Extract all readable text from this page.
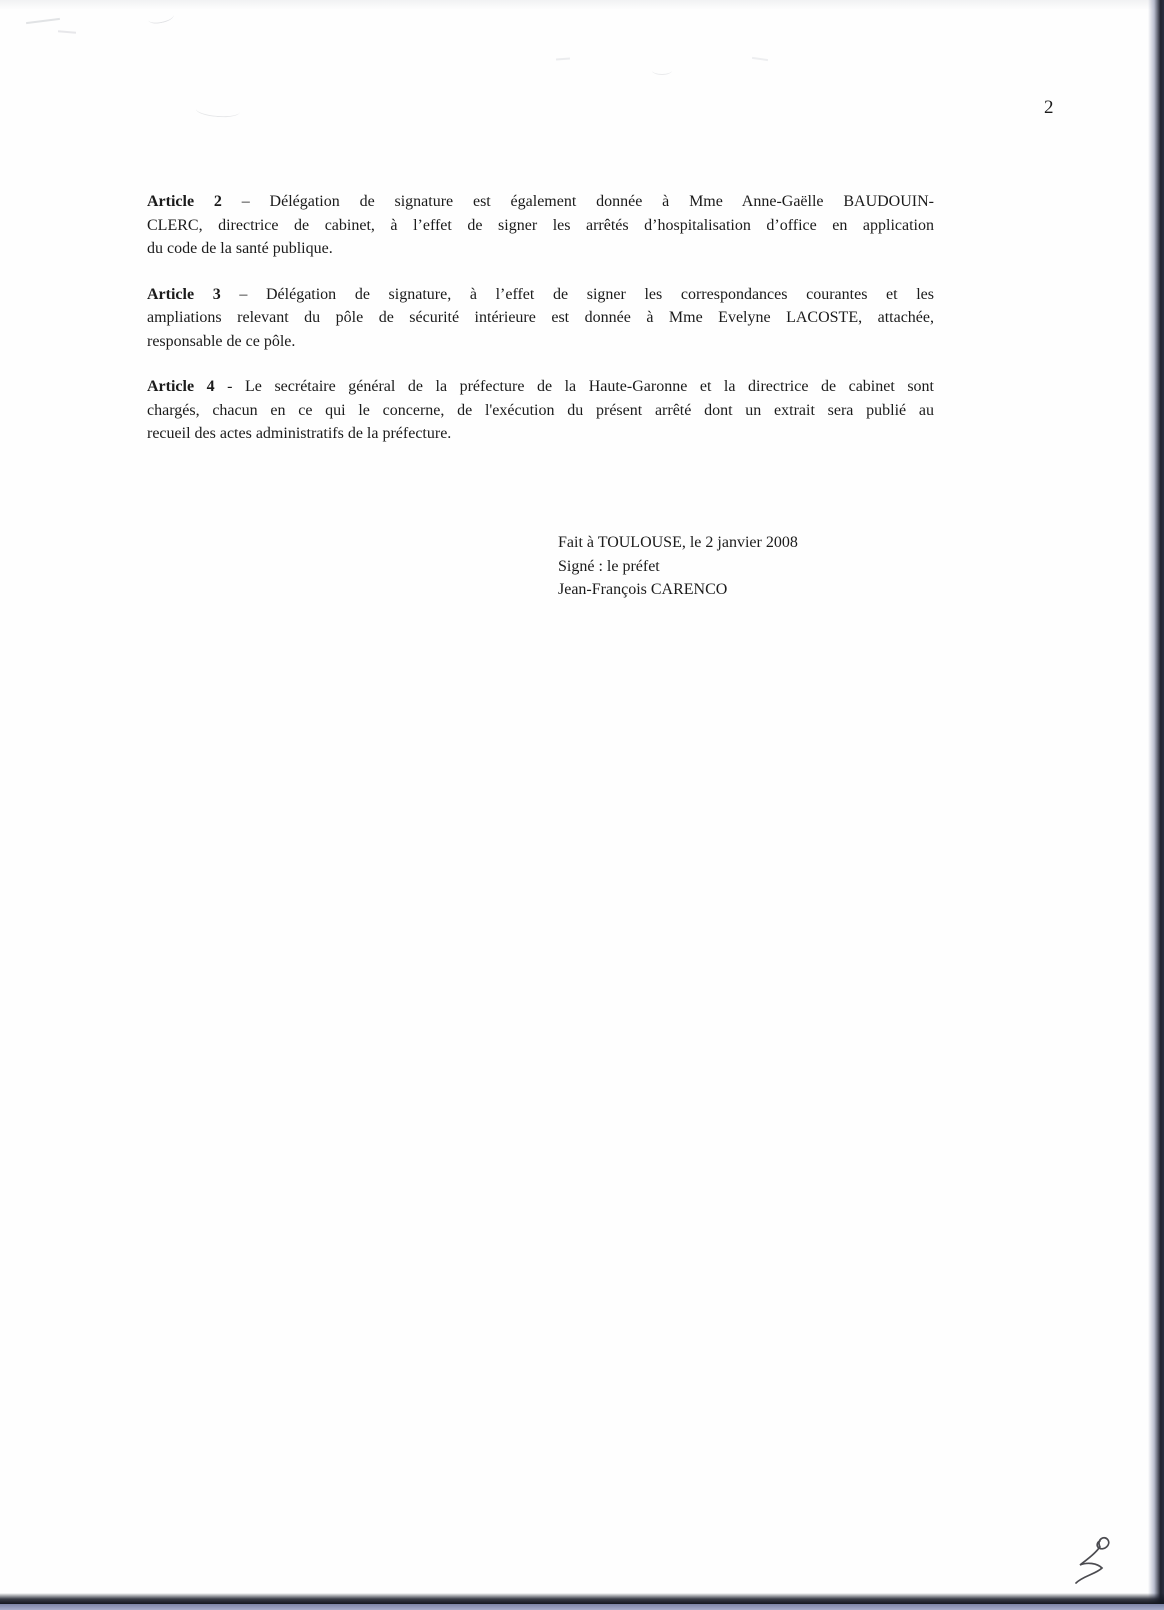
2

Article 2 – Délégation de signature est également donnée à Mme Anne-Gaëlle BAUDOUIN-
CLERC, directrice de cabinet, à l’effet de signer les arrêtés d’hospitalisation d’office en application
du code de la santé publique.

Article 3 – Délégation de signature, à l’effet de signer les correspondances courantes et les
ampliations relevant du pôle de sécurité intérieure est donnée à Mme Evelyne LACOSTE, attachée,
responsable de ce pôle.

Article 4 - Le secrétaire général de la préfecture de la Haute-Garonne et la directrice de cabinet sont
chargés, chacun en ce qui le concerne, de l'exécution du présent arrêté dont un extrait sera publié au
recueil des actes administratifs de la préfecture.

Fait à TOULOUSE, le 2 janvier 2008
Signé : le préfet
Jean-François CARENCO
